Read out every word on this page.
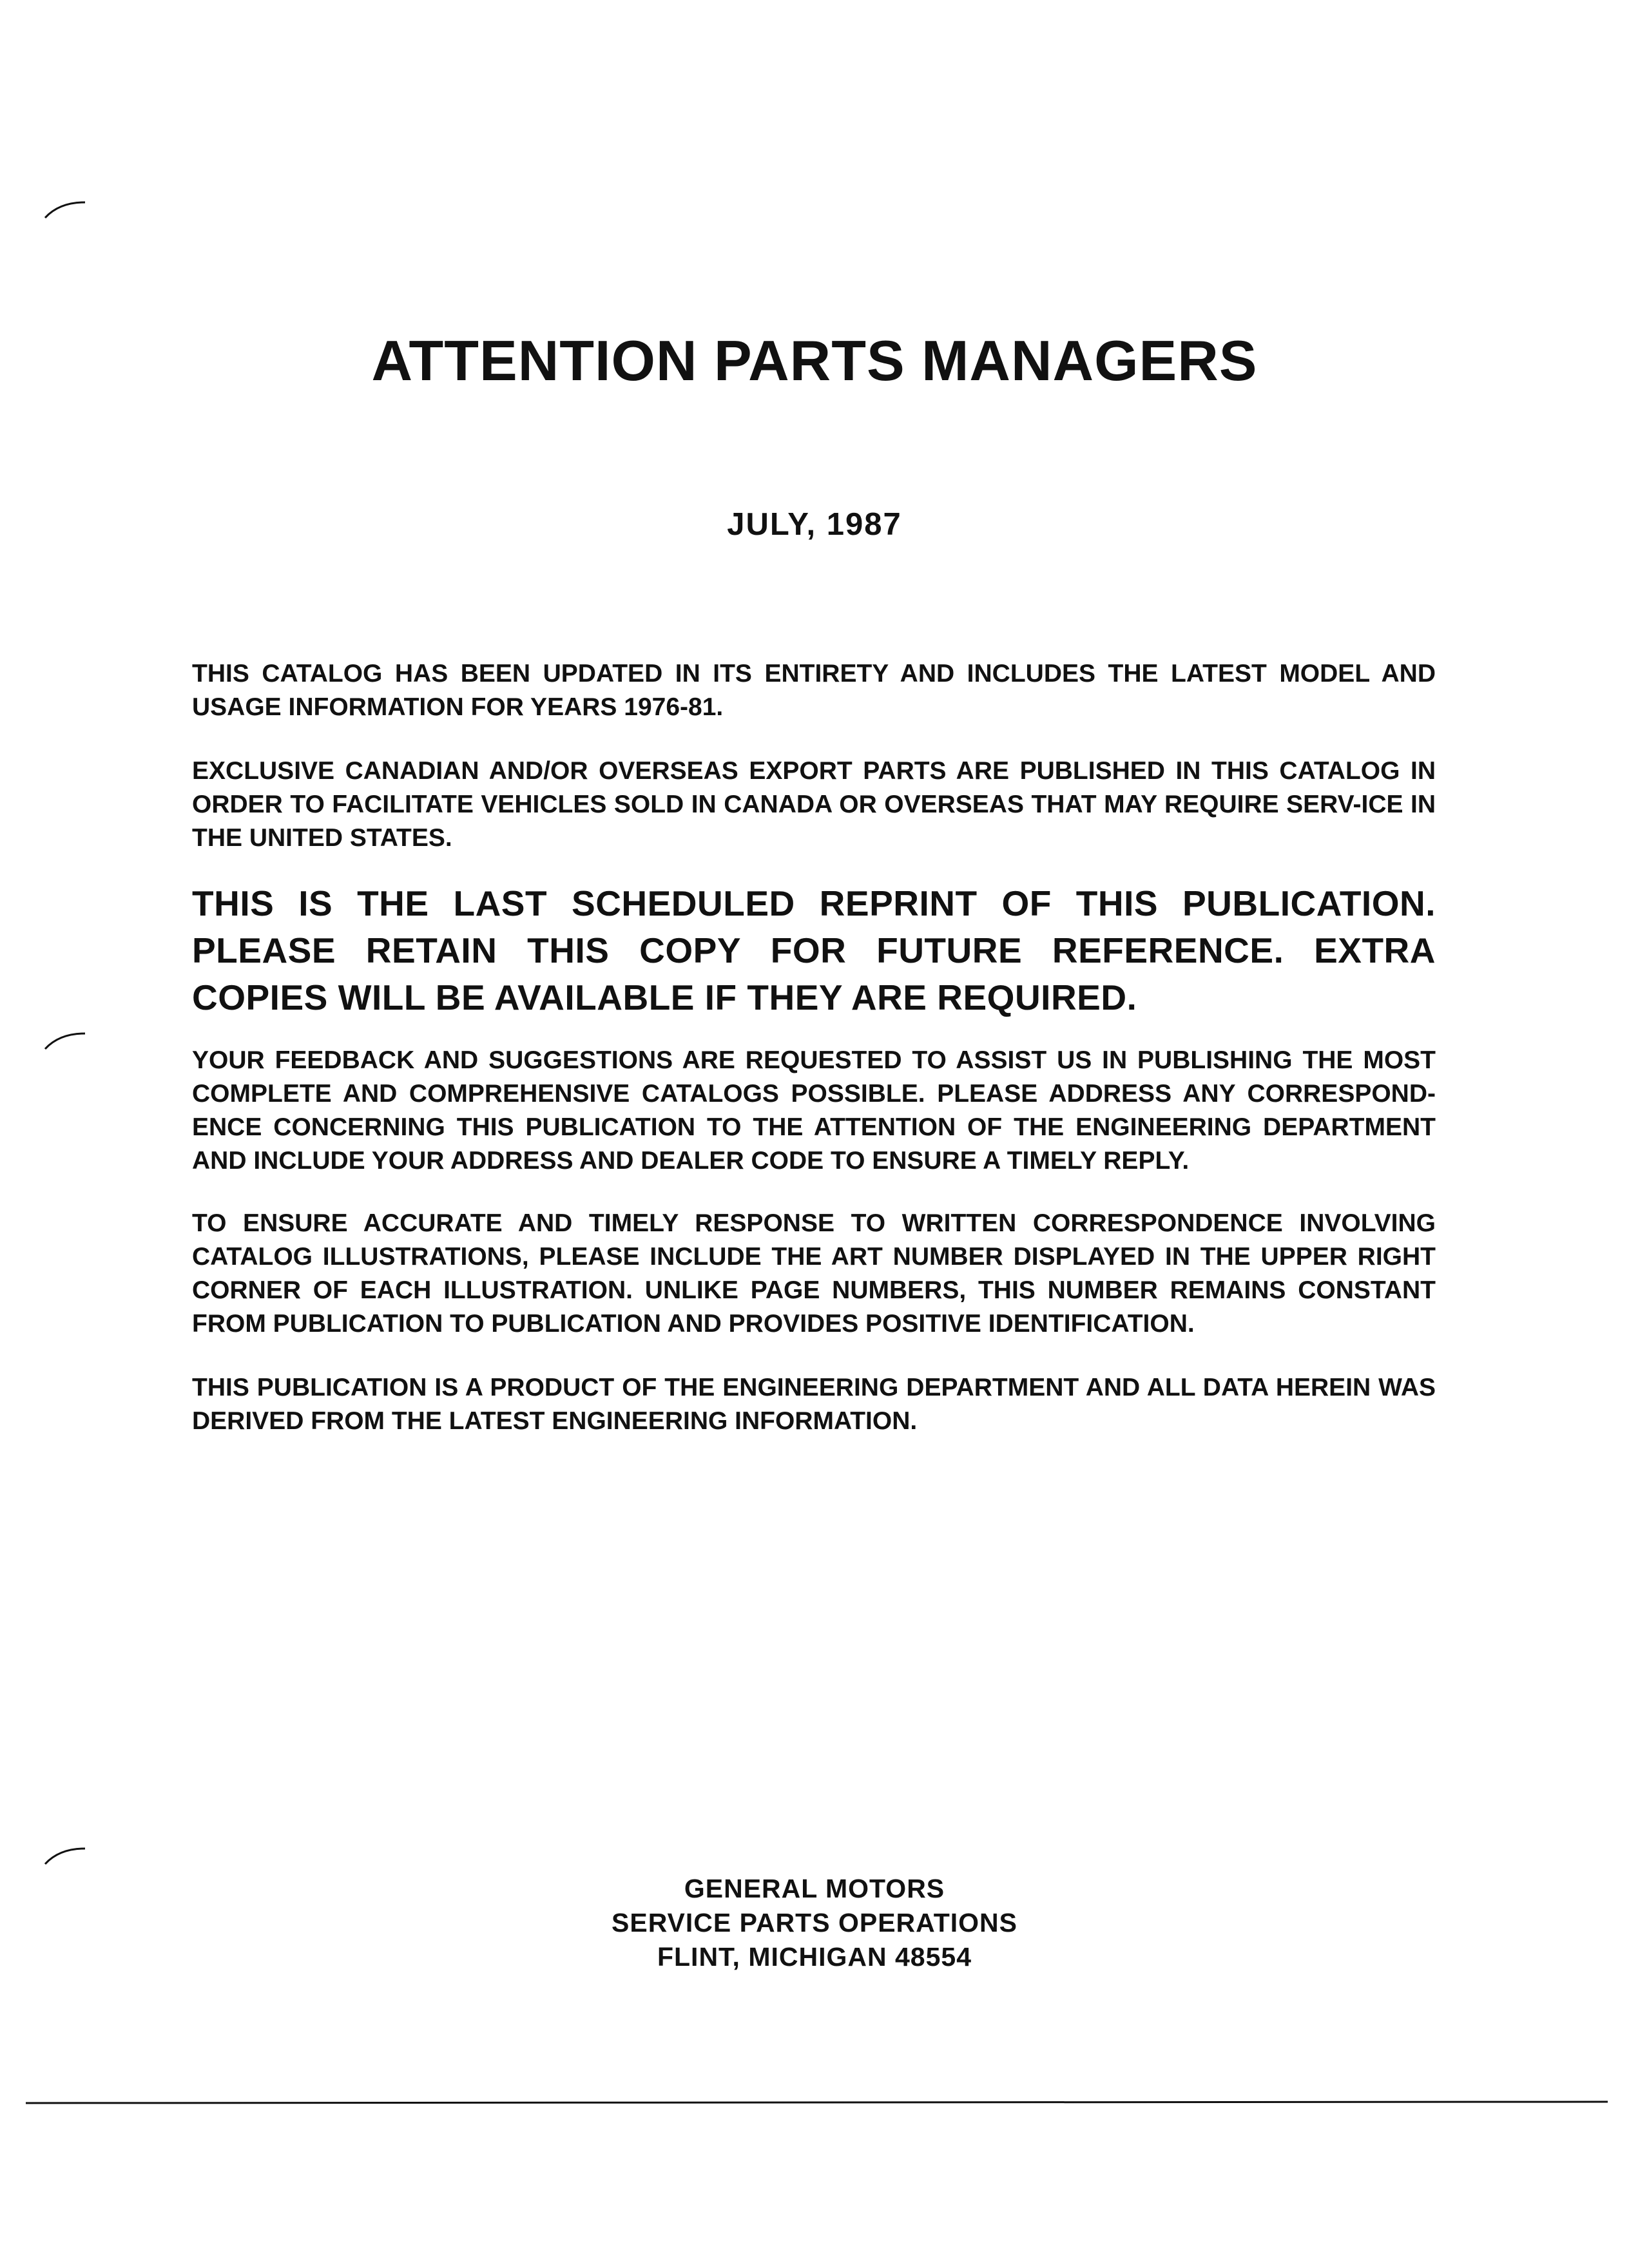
ATTENTION PARTS MANAGERS
JULY, 1987

THIS CATALOG HAS BEEN UPDATED IN ITS ENTIRETY AND INCLUDES THE LATEST MODEL AND USAGE INFORMATION FOR YEARS 1976-81.

EXCLUSIVE CANADIAN AND/OR OVERSEAS EXPORT PARTS ARE PUBLISHED IN THIS CATALOG IN ORDER TO FACILITATE VEHICLES SOLD IN CANADA OR OVERSEAS THAT MAY REQUIRE SERV-ICE IN THE UNITED STATES.

THIS IS THE LAST SCHEDULED REPRINT OF THIS PUBLICATION. PLEASE RETAIN THIS COPY FOR FUTURE REFERENCE. EXTRA COPIES WILL BE AVAILABLE IF THEY ARE REQUIRED.

YOUR FEEDBACK AND SUGGESTIONS ARE REQUESTED TO ASSIST US IN PUBLISHING THE MOST COMPLETE AND COMPREHENSIVE CATALOGS POSSIBLE. PLEASE ADDRESS ANY CORRESPOND-ENCE CONCERNING THIS PUBLICATION TO THE ATTENTION OF THE ENGINEERING DEPARTMENT AND INCLUDE YOUR ADDRESS AND DEALER CODE TO ENSURE A TIMELY REPLY.

TO ENSURE ACCURATE AND TIMELY RESPONSE TO WRITTEN CORRESPONDENCE INVOLVING CATALOG ILLUSTRATIONS, PLEASE INCLUDE THE ART NUMBER DISPLAYED IN THE UPPER RIGHT CORNER OF EACH ILLUSTRATION. UNLIKE PAGE NUMBERS, THIS NUMBER REMAINS CONSTANT FROM PUBLICATION TO PUBLICATION AND PROVIDES POSITIVE IDENTIFICATION.

THIS PUBLICATION IS A PRODUCT OF THE ENGINEERING DEPARTMENT AND ALL DATA HEREIN WAS DERIVED FROM THE LATEST ENGINEERING INFORMATION.

GENERAL MOTORS
SERVICE PARTS OPERATIONS
FLINT, MICHIGAN 48554
